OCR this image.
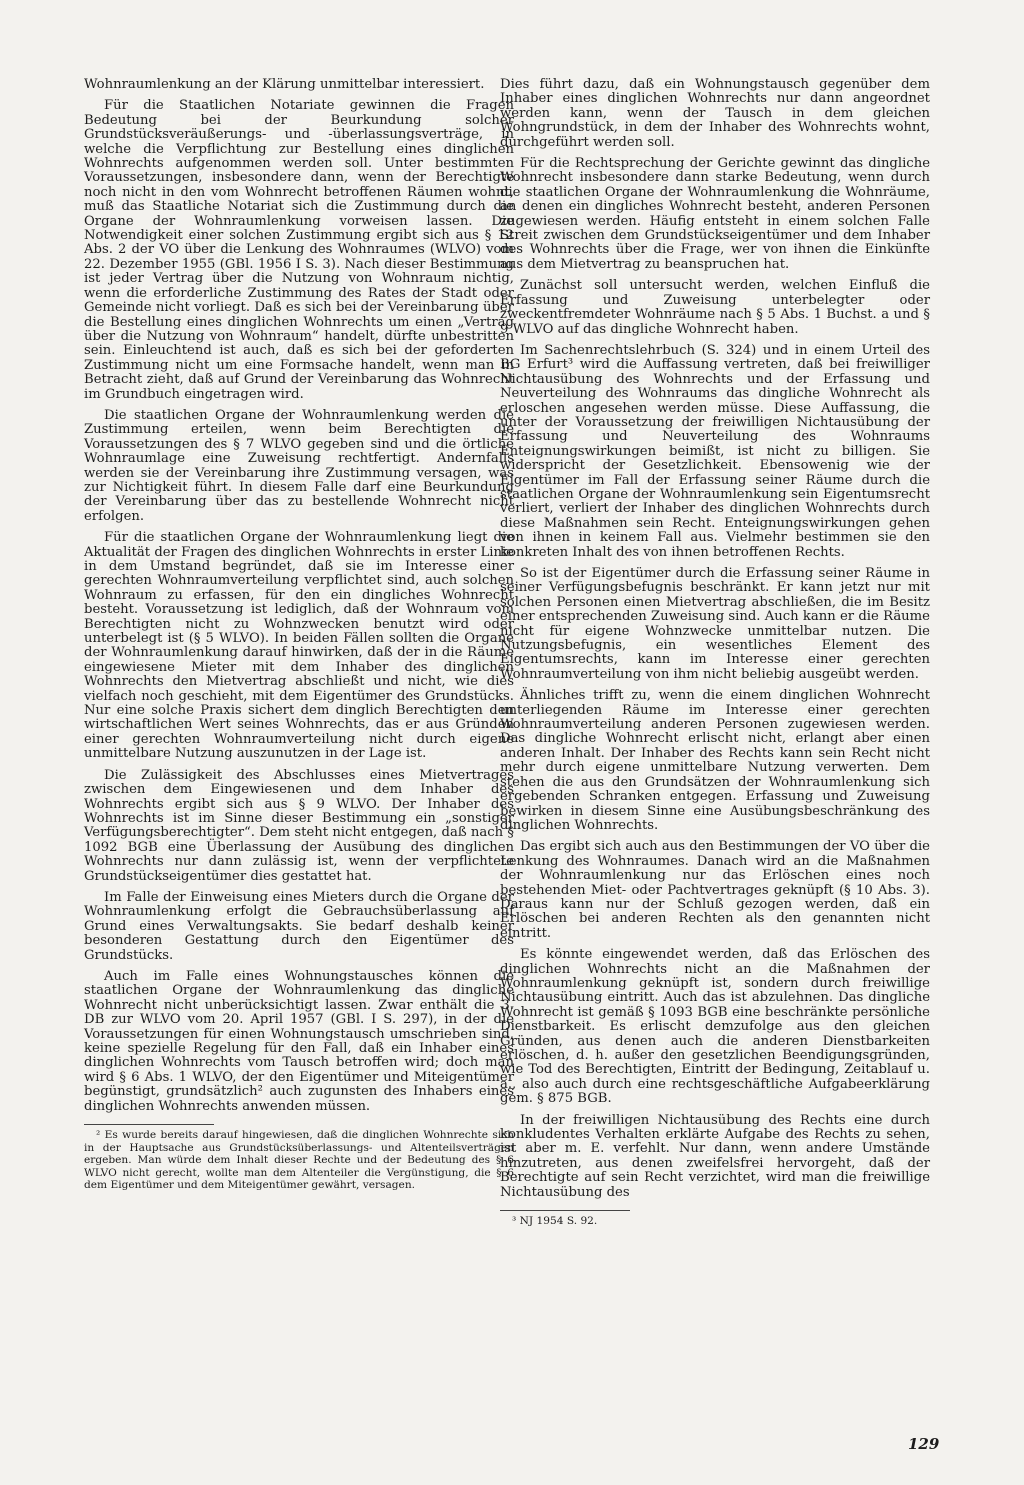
Wohnraumlenkung an der Klärung unmittelbar interessiert.

Für die Staatlichen Notariate gewinnen die Fragen Bedeutung bei der Beurkundung solcher Grundstücksveräußerungs- und -überlassungsverträge, in welche die Verpflichtung zur Bestellung eines dinglichen Wohnrechts aufgenommen werden soll. Unter bestimmten Voraussetzungen, insbesondere dann, wenn der Berechtigte noch nicht in den vom Wohnrecht betroffenen Räumen wohnt, muß das Staatliche Notariat sich die Zustimmung durch die Organe der Wohnraumlenkung vorweisen lassen. Die Notwendigkeit einer solchen Zustimmung ergibt sich aus § 12 Abs. 2 der VO über die Lenkung des Wohnraumes (WLVO) vom 22. Dezember 1955 (GBl. 1956 I S. 3). Nach dieser Bestimmung ist jeder Vertrag über die Nutzung von Wohnraum nichtig, wenn die erforderliche Zustimmung des Rates der Stadt oder Gemeinde nicht vorliegt. Daß es sich bei der Vereinbarung über die Bestellung eines dinglichen Wohnrechts um einen „Vertrag über die Nutzung von Wohnraum“ handelt, dürfte unbestritten sein. Einleuchtend ist auch, daß es sich bei der geforderten Zustimmung nicht um eine Formsache handelt, wenn man in Betracht zieht, daß auf Grund der Vereinbarung das Wohnrecht im Grundbuch eingetragen wird.

Die staatlichen Organe der Wohnraumlenkung werden die Zustimmung erteilen, wenn beim Berechtigten die Voraussetzungen des § 7 WLVO gegeben sind und die örtliche Wohnraumlage eine Zuweisung rechtfertigt. Andernfalls werden sie der Vereinbarung ihre Zustimmung versagen, was zur Nichtigkeit führt. In diesem Falle darf eine Beurkundung der Vereinbarung über das zu bestellende Wohnrecht nicht erfolgen.

Für die staatlichen Organe der Wohnraumlenkung liegt die Aktualität der Fragen des dinglichen Wohnrechts in erster Linie in dem Umstand begründet, daß sie im Interesse einer gerechten Wohnraumverteilung verpflichtet sind, auch solchen Wohnraum zu erfassen, für den ein dingliches Wohnrecht besteht. Voraussetzung ist lediglich, daß der Wohnraum vom Berechtigten nicht zu Wohnzwecken benutzt wird oder unterbelegt ist (§ 5 WLVO). In beiden Fällen sollten die Organe der Wohnraumlenkung darauf hinwirken, daß der in die Räume eingewiesene Mieter mit dem Inhaber des dinglichen Wohnrechts den Mietvertrag abschließt und nicht, wie dies vielfach noch geschieht, mit dem Eigentümer des Grundstücks. Nur eine solche Praxis sichert dem dinglich Berechtigten den wirtschaftlichen Wert seines Wohnrechts, das er aus Gründen einer gerechten Wohnraumverteilung nicht durch eigene unmittelbare Nutzung auszunutzen in der Lage ist.

Die Zulässigkeit des Abschlusses eines Mietvertrages zwischen dem Eingewiesenen und dem Inhaber des Wohnrechts ergibt sich aus § 9 WLVO. Der Inhaber des Wohnrechts ist im Sinne dieser Bestimmung ein „sonstiger Verfügungsberechtigter“. Dem steht nicht entgegen, daß nach § 1092 BGB eine Überlassung der Ausübung des dinglichen Wohnrechts nur dann zulässig ist, wenn der verpflichtete Grundstückseigentümer dies gestattet hat.

Im Falle der Einweisung eines Mieters durch die Organe der Wohnraumlenkung erfolgt die Gebrauchsüberlassung auf Grund eines Verwaltungsakts. Sie bedarf deshalb keiner besonderen Gestattung durch den Eigentümer des Grundstücks.

Auch im Falle eines Wohnungstausches können die staatlichen Organe der Wohnraumlenkung das dingliche Wohnrecht nicht unberücksichtigt lassen. Zwar enthält die 3. DB zur WLVO vom 20. April 1957 (GBl. I S. 297), in der die Voraussetzungen für einen Wohnungstausch umschrieben sind, keine spezielle Regelung für den Fall, daß ein Inhaber eines dinglichen Wohnrechts vom Tausch betroffen wird; doch man wird § 6 Abs. 1 WLVO, der den Eigentümer und Miteigentümer begünstigt, grundsätzlich² auch zugunsten des Inhabers eines dinglichen Wohnrechts anwenden müssen.

² Es wurde bereits darauf hingewiesen, daß die dinglichen Wohnrechte sich in der Hauptsache aus Grundstücksüberlassungs- und Altenteilsverträgen ergeben. Man würde dem Inhalt dieser Rechte und der Bedeutung des § 6 WLVO nicht gerecht, wollte man dem Altenteiler die Vergünstigung, die § 6 dem Eigentümer und dem Miteigentümer gewährt, versagen.

Dies führt dazu, daß ein Wohnungstausch gegenüber dem Inhaber eines dinglichen Wohnrechts nur dann angeordnet werden kann, wenn der Tausch in dem gleichen Wohngrundstück, in dem der Inhaber des Wohnrechts wohnt, durchgeführt werden soll.

Für die Rechtsprechung der Gerichte gewinnt das dingliche Wohnrecht insbesondere dann starke Bedeutung, wenn durch die staatlichen Organe der Wohnraumlenkung die Wohnräume, an denen ein dingliches Wohnrecht besteht, anderen Personen zugewiesen werden. Häufig entsteht in einem solchen Falle Streit zwischen dem Grundstückseigentümer und dem Inhaber des Wohnrechts über die Frage, wer von ihnen die Einkünfte aus dem Mietvertrag zu beanspruchen hat.

Zunächst soll untersucht werden, welchen Einfluß die Erfassung und Zuweisung unterbelegter oder zweckentfremdeter Wohnräume nach § 5 Abs. 1 Buchst. a und § 9 WLVO auf das dingliche Wohnrecht haben.

Im Sachenrechtslehrbuch (S. 324) und in einem Urteil des BG Erfurt³ wird die Auffassung vertreten, daß bei freiwilliger Nichtausübung des Wohnrechts und der Erfassung und Neuverteilung des Wohnraums das dingliche Wohnrecht als erloschen angesehen werden müsse. Diese Auffassung, die unter der Voraussetzung der freiwilligen Nichtausübung der Erfassung und Neuverteilung des Wohnraums Enteignungswirkungen beimißt, ist nicht zu billigen. Sie widerspricht der Gesetzlichkeit. Ebensowenig wie der Eigentümer im Fall der Erfassung seiner Räume durch die staatlichen Organe der Wohnraumlenkung sein Eigentumsrecht verliert, verliert der Inhaber des dinglichen Wohnrechts durch diese Maßnahmen sein Recht. Enteignungswirkungen gehen von ihnen in keinem Fall aus. Vielmehr bestimmen sie den konkreten Inhalt des von ihnen betroffenen Rechts.

So ist der Eigentümer durch die Erfassung seiner Räume in seiner Verfügungsbefugnis beschränkt. Er kann jetzt nur mit solchen Personen einen Mietvertrag abschließen, die im Besitz einer entsprechenden Zuweisung sind. Auch kann er die Räume nicht für eigene Wohnzwecke unmittelbar nutzen. Die Nutzungsbefugnis, ein wesentliches Element des Eigentumsrechts, kann im Interesse einer gerechten Wohnraumverteilung von ihm nicht beliebig ausgeübt werden.

Ähnliches trifft zu, wenn die einem dinglichen Wohnrecht unterliegenden Räume im Interesse einer gerechten Wohnraumverteilung anderen Personen zugewiesen werden. Das dingliche Wohnrecht erlischt nicht, erlangt aber einen anderen Inhalt. Der Inhaber des Rechts kann sein Recht nicht mehr durch eigene unmittelbare Nutzung verwerten. Dem stehen die aus den Grundsätzen der Wohnraumlenkung sich ergebenden Schranken entgegen. Erfassung und Zuweisung bewirken in diesem Sinne eine Ausübungsbeschränkung des dinglichen Wohnrechts.

Das ergibt sich auch aus den Bestimmungen der VO über die Lenkung des Wohnraumes. Danach wird an die Maßnahmen der Wohnraumlenkung nur das Erlöschen eines noch bestehenden Miet- oder Pachtvertrages geknüpft (§ 10 Abs. 3). Daraus kann nur der Schluß gezogen werden, daß ein Erlöschen bei anderen Rechten als den genannten nicht eintritt.

Es könnte eingewendet werden, daß das Erlöschen des dinglichen Wohnrechts nicht an die Maßnahmen der Wohnraumlenkung geknüpft ist, sondern durch freiwillige Nichtausübung eintritt. Auch das ist abzulehnen. Das dingliche Wohnrecht ist gemäß § 1093 BGB eine beschränkte persönliche Dienstbarkeit. Es erlischt demzufolge aus den gleichen Gründen, aus denen auch die anderen Dienstbarkeiten erlöschen, d. h. außer den gesetzlichen Beendigungsgründen, wie Tod des Berechtigten, Eintritt der Bedingung, Zeitablauf u. a., also auch durch eine rechtsgeschäftliche Aufgabeerklärung gem. § 875 BGB.

In der freiwilligen Nichtausübung des Rechts eine durch konkludentes Verhalten erklärte Aufgabe des Rechts zu sehen, ist aber m. E. verfehlt. Nur dann, wenn andere Umstände hinzutreten, aus denen zweifelsfrei hervorgeht, daß der Berechtigte auf sein Recht verzichtet, wird man die freiwillige Nichtausübung des

³ NJ 1954 S. 92.

129
